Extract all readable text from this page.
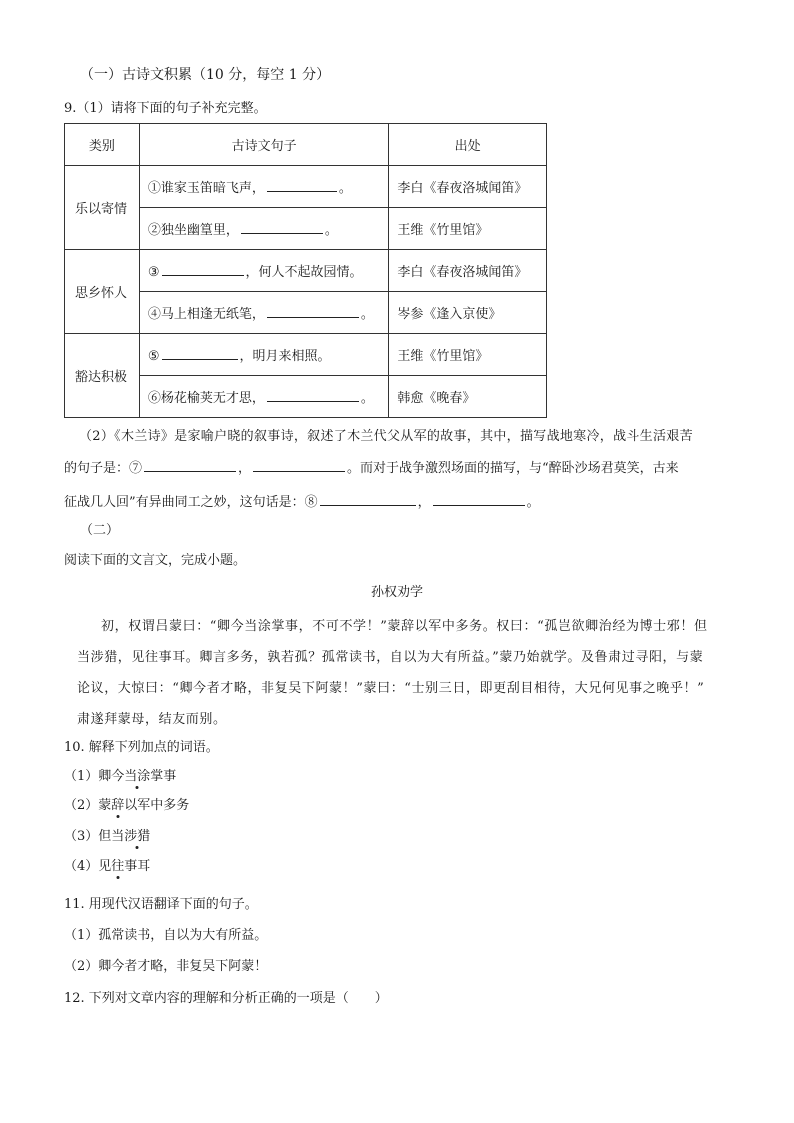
（一）古诗文积累（10 分，每空 1 分）
9.（1）请将下面的句子补充完整。
类别	古诗文句子	出处
乐以寄情	①谁家玉笛暗飞声， 。	李白《春夜洛城闻笛》
	②独坐幽篁里， 。	王维《竹里馆》
思乡怀人	③ ，何人不起故园情。	李白《春夜洛城闻笛》
	④马上相逢无纸笔， 。	岑参《逢入京使》
豁达积极	⑤ ，明月来相照。	王维《竹里馆》
	⑥杨花榆荚无才思， 。	韩愈《晚春》
（2）《木兰诗》是家喻户晓的叙事诗，叙述了木兰代父从军的故事，其中，描写战地寒冷，战斗生活艰苦
的句子是：⑦	，	。而对于战争激烈场面的描写，与“醉卧沙场君莫笑，古来
征战几人回”有异曲同工之妙，这句话是：⑧	，	。
（二）
阅读下面的文言文，完成小题。
孙权劝学
初，权谓吕蒙曰：“卿今当涂掌事，不可不学！”蒙辞以军中多务。权曰：“孤岂欲卿治经为博士邪！但
当涉猎，见往事耳。卿言多务，孰若孤？孤常读书，自以为大有所益。”蒙乃始就学。及鲁肃过寻阳，与蒙
论议，大惊曰：“卿今者才略，非复吴下阿蒙！”蒙曰：“士别三日，即更刮目相待，大兄何见事之晚乎！”
肃遂拜蒙母，结友而别。
10. 解释下列加点的词语。
（1）卿今当涂掌事
（2）蒙辞以军中多务
（3）但当涉猎
（4）见往事耳
11. 用现代汉语翻译下面的句子。
（1）孤常读书，自以为大有所益。
（2）卿今者才略，非复吴下阿蒙！
12. 下列对文章内容的理解和分析正确的一项是（　　）
